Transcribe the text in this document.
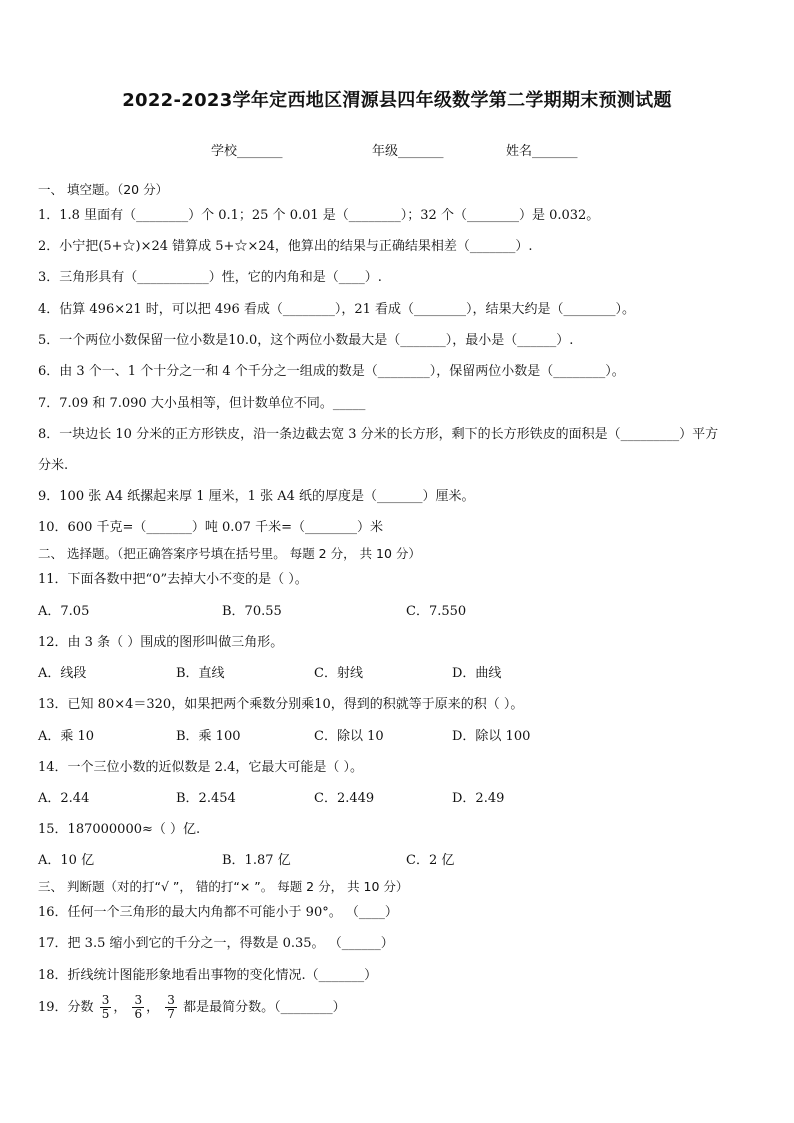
2022-2023学年定西地区渭源县四年级数学第二学期期末预测试题
学校_______	年级_______	姓名_______
一、 填空题。（20 分）
1．1.8 里面有（________）个 0.1；25 个 0.01 是（________）；32 个（________）是 0.032。
2．小宁把(5+☆)×24 错算成 5+☆×24，他算出的结果与正确结果相差（_______）.
3．三角形具有（___________）性，它的内角和是（____）.
4．估算 496×21 时，可以把 496 看成（________），21 看成（________），结果大约是（________）。
5．一个两位小数保留一位小数是10.0，这个两位小数最大是（_______），最小是（______）.
6．由 3 个一、1 个十分之一和 4 个千分之一组成的数是（________），保留两位小数是（________）。
7．7.09 和 7.090 大小虽相等，但计数单位不同。_____
8．一块边长 10 分米的正方形铁皮，沿一条边截去宽 3 分米的长方形，剩下的长方形铁皮的面积是（_________）平方
分米.
9．100 张 A4 纸摞起来厚 1 厘米，1 张 A4 纸的厚度是（_______）厘米。
10．600 千克=（_______）吨 0.07 千米=（________）米
二、 选择题。（把正确答案序号填在括号里。 每题 2 分， 共 10 分）
11．下面各数中把“0”去掉大小不变的是（ ）。
A．7.05	B．70.55	C．7.550
12．由 3 条（ ）围成的图形叫做三角形。
A．线段	B．直线	C．射线	D．曲线
13．已知 80×4＝320，如果把两个乘数分别乘10，得到的积就等于原来的积（ ）。
A．乘 10	B．乘 100	C．除以 10	D．除以 100
14．一个三位小数的近似数是 2.4，它最大可能是（ ）。
A．2.44	B．2.454	C．2.449	D．2.49
15．187000000≈（ ）亿.
A．10 亿	B．1.87 亿	C．2 亿
三、 判断题（对的打“√ ”， 错的打“× ”。 每题 2 分， 共 10 分）
16．任何一个三角形的最大内角都不可能小于 90°。 （____）
17．把 3.5 缩小到它的千分之一，得数是 0.35。 （______）
18．折线统计图能形象地看出事物的变化情况.（_______）
19．分数 $\frac{3}{5}$ ， $\frac{3}{6}$ ， $\frac{3}{7}$ 都是最简分数。（________）
